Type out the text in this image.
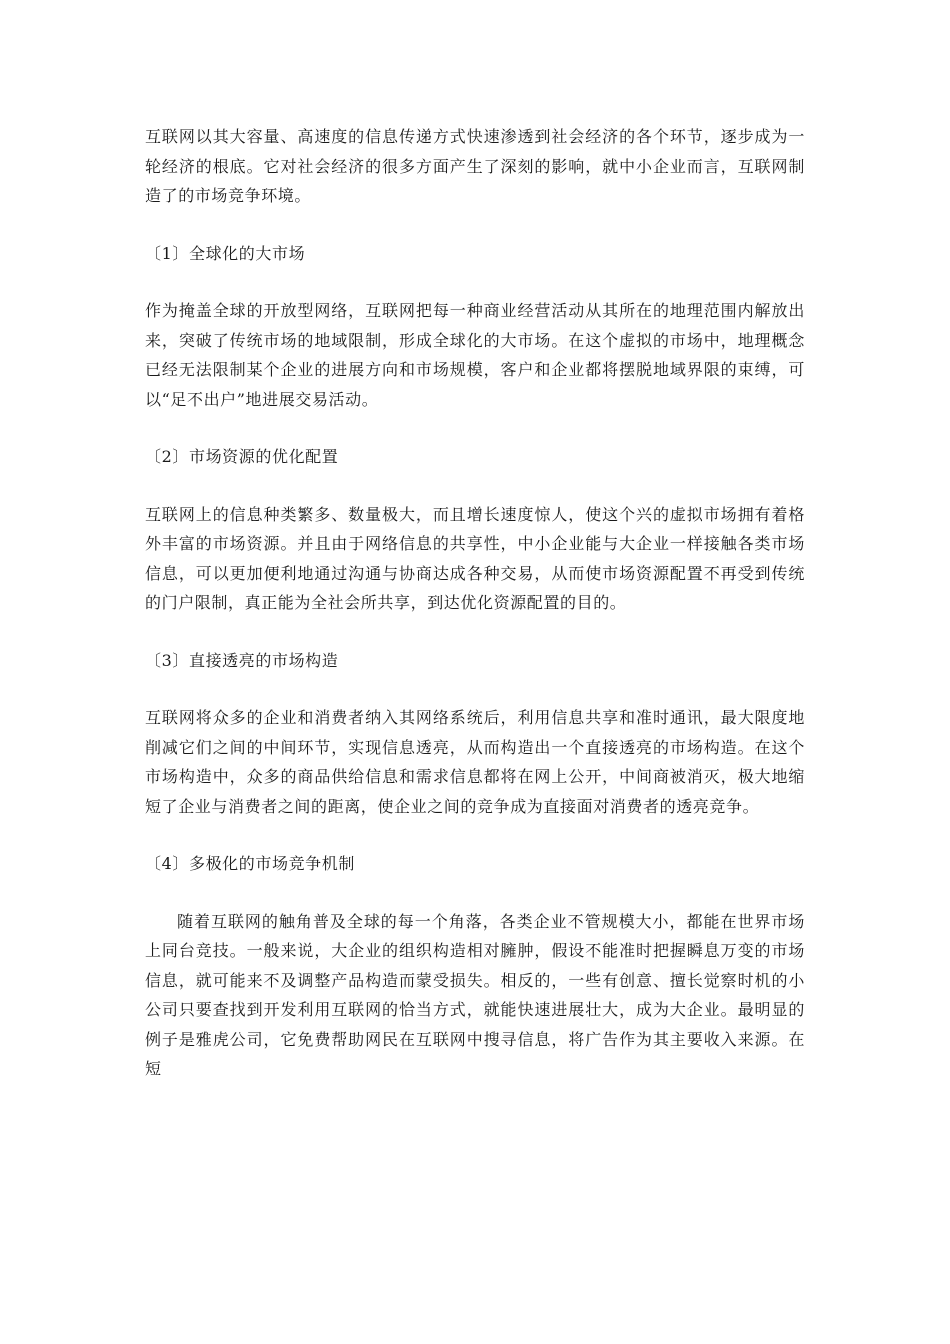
互联网以其大容量、高速度的信息传递方式快速渗透到社会经济的各个环节，逐步成为一轮经济的根底。它对社会经济的很多方面产生了深刻的影响，就中小企业而言，互联网制造了的市场竞争环境。

〔1〕全球化的大市场

作为掩盖全球的开放型网络，互联网把每一种商业经营活动从其所在的地理范围内解放出来，突破了传统市场的地域限制，形成全球化的大市场。在这个虚拟的市场中，地理概念已经无法限制某个企业的进展方向和市场规模，客户和企业都将摆脱地域界限的束缚，可以“足不出户”地进展交易活动。

〔2〕市场资源的优化配置

互联网上的信息种类繁多、数量极大，而且增长速度惊人，使这个兴的虚拟市场拥有着格外丰富的市场资源。并且由于网络信息的共享性，中小企业能与大企业一样接触各类市场信息，可以更加便利地通过沟通与协商达成各种交易，从而使市场资源配置不再受到传统的门户限制，真正能为全社会所共享，到达优化资源配置的目的。

〔3〕直接透亮的市场构造

互联网将众多的企业和消费者纳入其网络系统后，利用信息共享和准时通讯，最大限度地削减它们之间的中间环节，实现信息透亮，从而构造出一个直接透亮的市场构造。在这个市场构造中，众多的商品供给信息和需求信息都将在网上公开，中间商被消灭，极大地缩短了企业与消费者之间的距离，使企业之间的竞争成为直接面对消费者的透亮竞争。

〔4〕多极化的市场竞争机制

随着互联网的触角普及全球的每一个角落，各类企业不管规模大小，都能在世界市场上同台竞技。一般来说，大企业的组织构造相对臃肿，假设不能准时把握瞬息万变的市场信息，就可能来不及调整产品构造而蒙受损失。相反的，一些有创意、擅长觉察时机的小公司只要查找到开发利用互联网的恰当方式，就能快速进展壮大，成为大企业。最明显的例子是雅虎公司，它免费帮助网民在互联网中搜寻信息，将广告作为其主要收入来源。在短
